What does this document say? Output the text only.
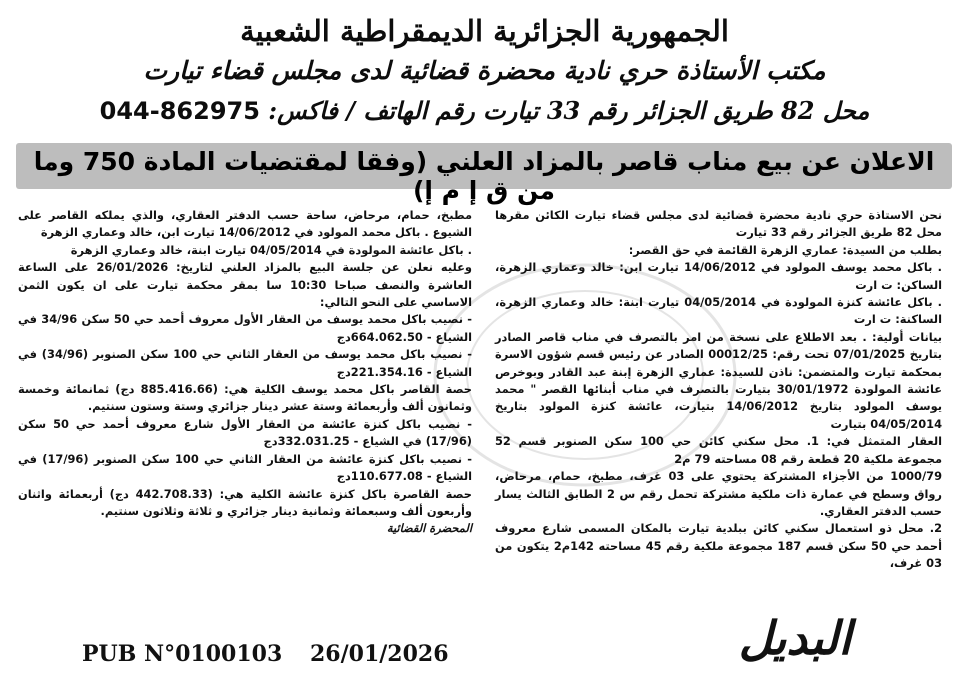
الجمهورية الجزائرية الديمقراطية الشعبية
مكتب الأستاذة حري نادية محضرة قضائية لدى مجلس قضاء تيارت
محل 82 طريق الجزائر رقم 33 تيارت رقم الهاتف / فاكس: 044-862975
الاعلان عن بيع مناب قاصر بالمزاد العلني (وفقا لمقتضيات المادة 750 وما من ق إ م إ)

نحن الاستاذة حري نادية محضرة قضائية لدى مجلس قضاء تيارت الكائن مقرها محل 82 طريق الجزائر رقم 33 تيارت

بطلب من السيدة: عماري الزهرة القائمة في حق القصر:

. باكل محمد يوسف المولود في 14/06/2012 تيارت ابن: خالد وعماري الزهرة، الساكن: ت ارت

. باكل عائشة كنزة المولودة في 04/05/2014 تيارت ابنة: خالد وعماري الزهرة، الساكنة: ت ارت

بيانات أولية: . بعد الاطلاع على نسخة من امر بالتصرف في مناب قاصر الصادر بتاريخ 07/01/2025 تحت رقم: 00012/25 الصادر عن رئيس قسم شؤون الاسرة بمحكمة تيارت والمتضمن: ناذن للسيدة: عماري الزهرة إبنة عبد القادر وبوخرص عائشة المولودة 30/01/1972 بتيارت بالتصرف في مناب أبنائها القصر " محمد يوسف المولود بتاريخ 14/06/2012 بتيارت، عائشة كنزة المولود بتاريخ 04/05/2014 بتيارت

العقار المتمثل في: 1. محل سكني كائن حي 100 سكن الصنوبر قسم 52 مجموعة ملكية 20 قطعة رقم 08 مساحته 79 م2

1000/79 من الأجزاء المشتركة يحتوي على 03 غرف، مطبخ، حمام، مرحاض، رواق وسطح في عمارة ذات ملكية مشتركة تحمل رقم س 2 الطابق الثالث يسار حسب الدفتر العقاري.

2. محل ذو استعمال سكني كائن ببلدية تيارت بالمكان المسمى شارع معروف أحمد حي 50 سكن قسم 187 مجموعة ملكية رقم 45 مساحته 142م2 يتكون من 03 غرف،

مطبخ، حمام، مرحاض، ساحة حسب الدفتر العقاري، والذي يملكه القاصر على الشيوع . باكل محمد المولود في 14/06/2012 تيارت ابن، خالد وعماري الزهرة

. باكل عائشة المولودة في 04/05/2014 تيارت ابنة، خالد وعماري الزهرة

وعليه نعلن عن جلسة البيع بالمزاد العلني لتاريخ: 26/01/2026 على الساعة العاشرة والنصف صباحا 10:30 سا بمقر محكمة تيارت على ان يكون الثمن الاساسي على النحو التالي:

- نصيب باكل محمد يوسف من العقار الأول معروف أحمد حي 50 سكن 34/96 في الشياع - 664.062.50دج

- نصيب باكل محمد يوسف من العقار الثاني حي 100 سكن الصنوبر (34/96) في الشياع - 221.354.16دج

حصة القاصر باكل محمد يوسف الكلية هي: (885.416.66 دج) ثمانمائة وخمسة وثمانون ألف وأربعمائة وستة عشر دينار جزائري وستة وستون سنتيم.

- نصيب باكل كنزة عائشة من العقار الأول شارع معروف أحمد حي 50 سكن (17/96) في الشياع - 332.031.25دج

- نصيب باكل كنزة عائشة من العقار الثاني حي 100 سكن الصنوبر (17/96) في الشياع - 110.677.08دج

حصة القاصرة باكل كنزة عائشة الكلية هي: (442.708.33 دج) أربعمائة واثنان وأربعون ألف وسبعمائة وثمانية دينار جزائري و ثلاثة وثلاثون سنتيم.

المحضرة القضائية

البديل
26/01/2026
PUB N°0100103
